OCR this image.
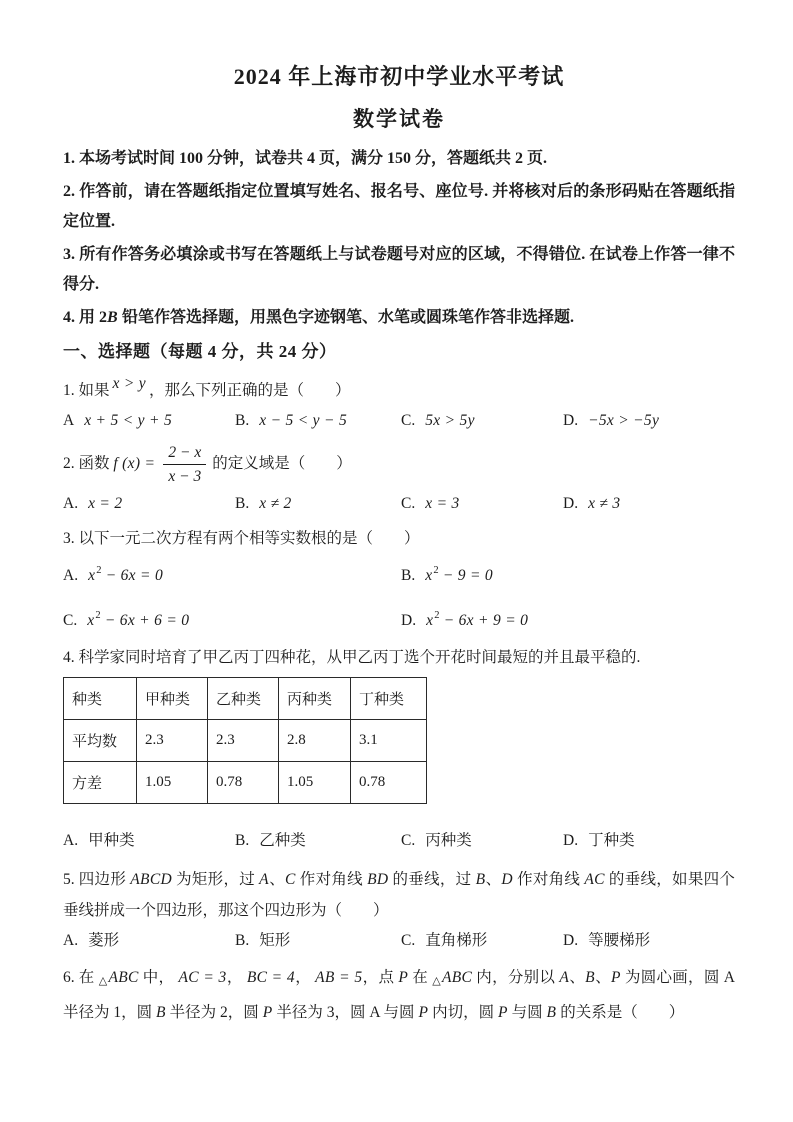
2024 年上海市初中学业水平考试
数学试卷

1. 本场考试时间 100 分钟，试卷共 4 页，满分 150 分，答题纸共 2 页.

2. 作答前，请在答题纸指定位置填写姓名、报名号、座位号. 并将核对后的条形码贴在答题纸指定位置.

3. 所有作答务必填涂或书写在答题纸上与试卷题号对应的区域，不得错位. 在试卷上作答一律不得分.

4. 用 2B 铅笔作答选择题，用黑色字迹钢笔、水笔或圆珠笔作答非选择题.

一、选择题（每题 4 分，共 24 分）

1. 如果 x > y ，那么下列正确的是（　　）

A x + 5 < y + 5	B. x − 5 < y − 5	C. 5x > 5y	D. −5x > −5y

2. 函数 f $(x) = \frac{2 - x}{x - 3}$ 的定义域是（　　）

A. x = 2	B. x ≠ 2	C. x = 3	D. x ≠ 3

3. 以下一元二次方程有两个相等实数根的是（　　）

A. $x^2 - 6x = 0$	B. $x^2 - 9 = 0$
C. $x^2 - 6x + 6 = 0$	D. $x^2 - 6x + 9 = 0$

4. 科学家同时培育了甲乙丙丁四种花，从甲乙丙丁选个开花时间最短的并且最平稳的.

种类	甲种类	乙种类	丙种类	丁种类
平均数	2.3	2.3	2.8	3.1
方差	1.05	0.78	1.05	0.78
A. 甲种类	B. 乙种类	C. 丙种类	D. 丁种类

5. 四边形 ABCD 为矩形，过 A、C 作对角线 BD 的垂线，过 B、D 作对角线 AC 的垂线，如果四个垂线拼成一个四边形，那这个四边形为（　　）

A. 菱形	B. 矩形	C. 直角梯形	D. 等腰梯形

6. 在 △ABC 中， AC = 3， BC = 4， AB = 5，点 P 在 △ABC 内，分别以 A、B、P 为圆心画，圆 A 半径为 1，圆 B 半径为 2，圆 P 半径为 3，圆 A 与圆 P 内切，圆 P 与圆 B 的关系是（　　）
